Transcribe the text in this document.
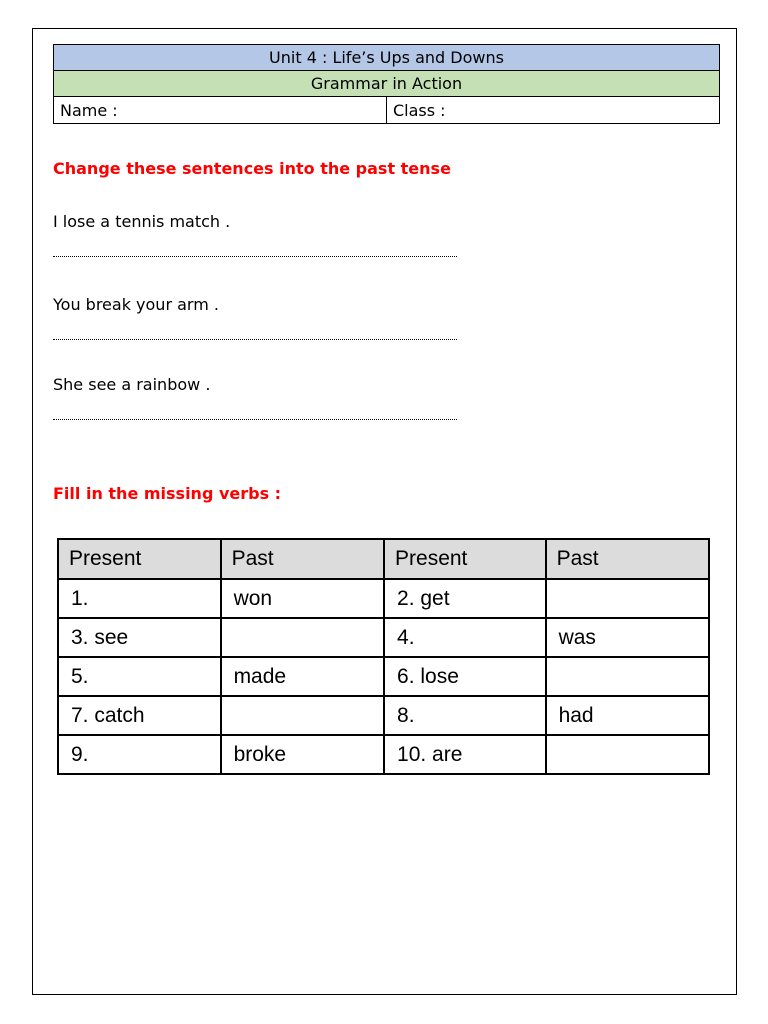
Unit 4 : Life’s Ups and Downs
Grammar in Action
Name :	Class :
Change these sentences into the past tense
I lose a tennis match .
You break your arm .
She see a rainbow .
Fill in the missing verbs :
Present	Past	Present	Past
1.	won	2. get	
3. see		4.	was
5.	made	6. lose	
7. catch		8.	had
9.	broke	10. are	
